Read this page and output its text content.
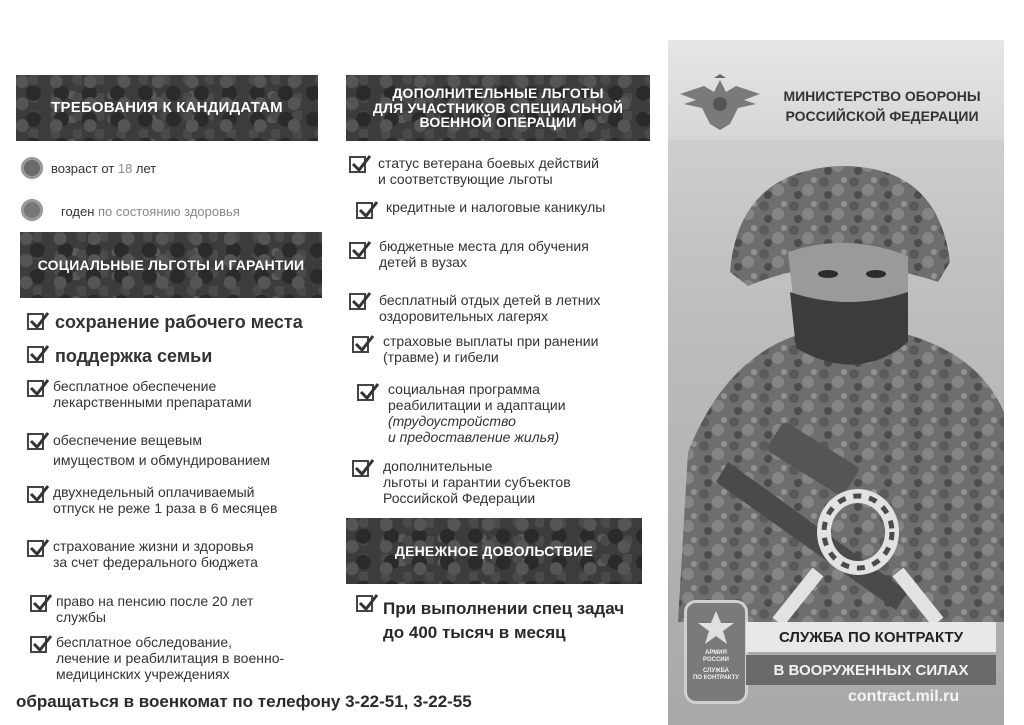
ТРЕБОВАНИЯ К КАНДИДАТАМ
возраст от 18 лет
годен по состоянию здоровья
СОЦИАЛЬНЫЕ ЛЬГОТЫ И ГАРАНТИИ
сохранение рабочего места
поддержка семьи
бесплатное обеспечение
лекарственными препаратами
обеспечение вещевым
имуществом и обмундированием
двухнедельный оплачиваемый
отпуск не реже 1 раза в 6 месяцев
страхование жизни и здоровья
за счет федерального бюджета
право на пенсию после 20 лет
службы
бесплатное обследование,
лечение и реабилитация в военно-
медицинских учреждениях
обращаться в военкомат по телефону 3-22-51, 3-22-55
ДОПОЛНИТЕЛЬНЫЕ ЛЬГОТЫ
ДЛЯ УЧАСТНИКОВ СПЕЦИАЛЬНОЙ
ВОЕННОЙ ОПЕРАЦИИ
статус ветерана боевых действий
и соответствующие льготы
кредитные и налоговые каникулы
бюджетные места для обучения
детей в вузах
бесплатный отдых детей в летних
оздоровительных лагерях
страховые выплаты при ранении
(травме) и гибели
социальная программа
реабилитации и адаптации
(трудоустройство
и предоставление жилья)
дополнительные
льготы и гарантии субъектов
Российской Федерации
ДЕНЕЖНОЕ ДОВОЛЬСТВИЕ
При выполнении спец задач
до 400 тысяч в месяц
МИНИСТЕРСТВО ОБОРОНЫ
РОССИЙСКОЙ ФЕДЕРАЦИИ
АРМИЯ
РОССИИ
СЛУЖБА
ПО КОНТРАКТУ
СЛУЖБА ПО КОНТРАКТУ
В ВООРУЖЕННЫХ СИЛАХ
contract.mil.ru
